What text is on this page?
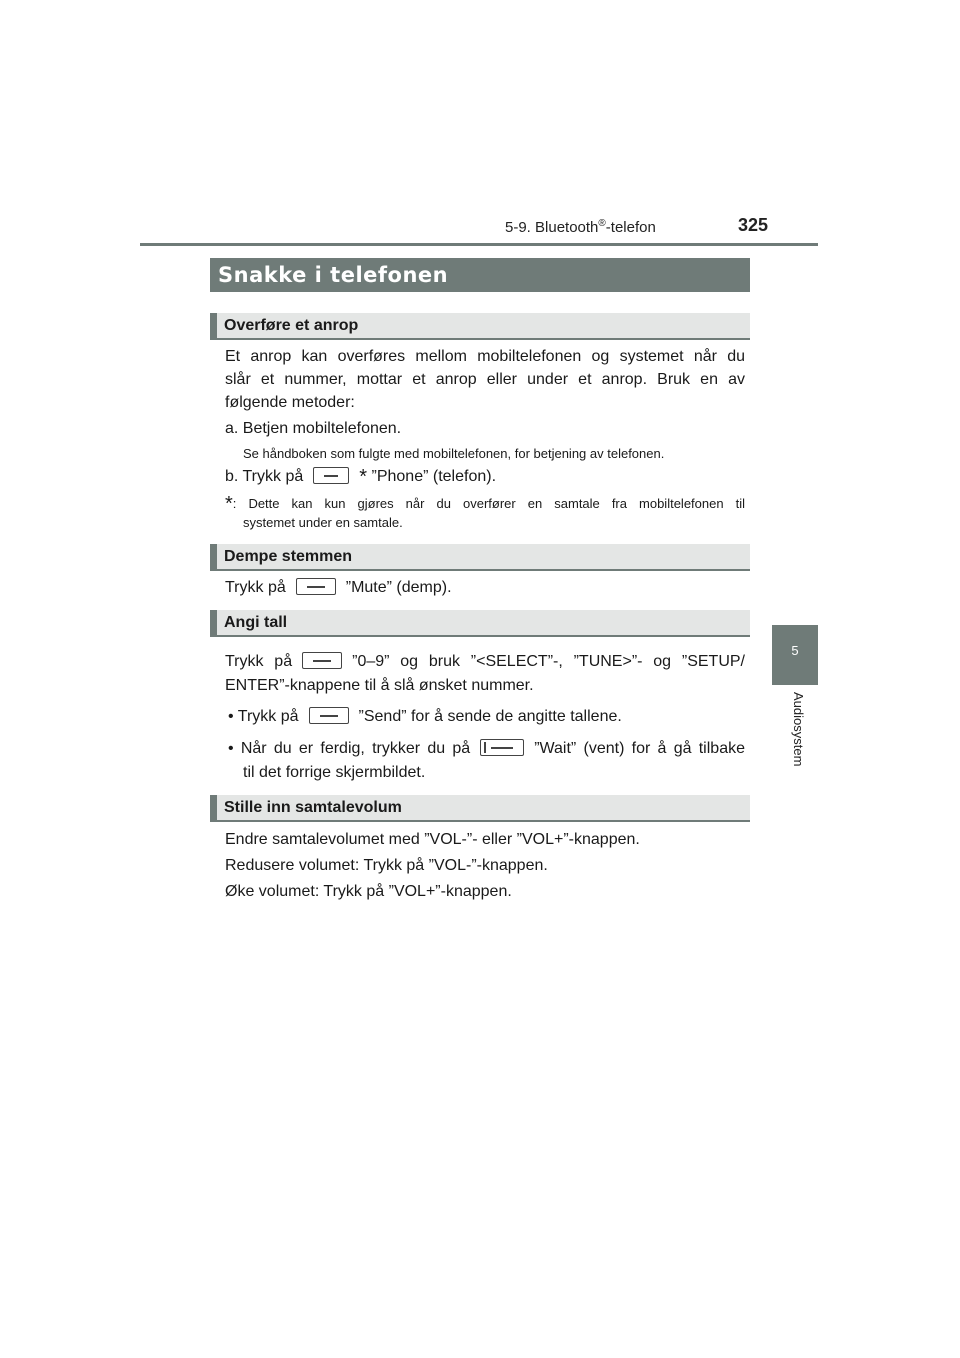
5-9. Bluetooth®-telefon	325
5
Audiosystem
Snakke i telefonen
Overføre et anrop
Et anrop kan overføres mellom mobiltelefonen og systemet når du
slår et nummer, mottar et anrop eller under et anrop. Bruk en av
følgende metoder:
a. Betjen mobiltelefonen.
Se håndboken som fulgte med mobiltelefonen, for betjening av telefonen.
b. Trykk på	* ”Phone” (telefon).
*: Dette kan kun gjøres når du overfører en samtale fra mobiltelefonen til
systemet under en samtale.
Dempe stemmen
Trykk på	”Mute” (demp).
Angi tall
Trykk på	”0–9” og bruk ”<SELECT”-, ”TUNE>”- og ”SETUP/
ENTER”-knappene til å slå ønsket nummer.
• Trykk på	”Send” for å sende de angitte tallene.
• Når du er ferdig, trykker du på	”Wait” (vent) for å gå tilbake
til det forrige skjermbildet.
Stille inn samtalevolum
Endre samtalevolumet med ”VOL-”- eller ”VOL+”-knappen.
Redusere volumet: Trykk på ”VOL-”-knappen.
Øke volumet: Trykk på ”VOL+”-knappen.
